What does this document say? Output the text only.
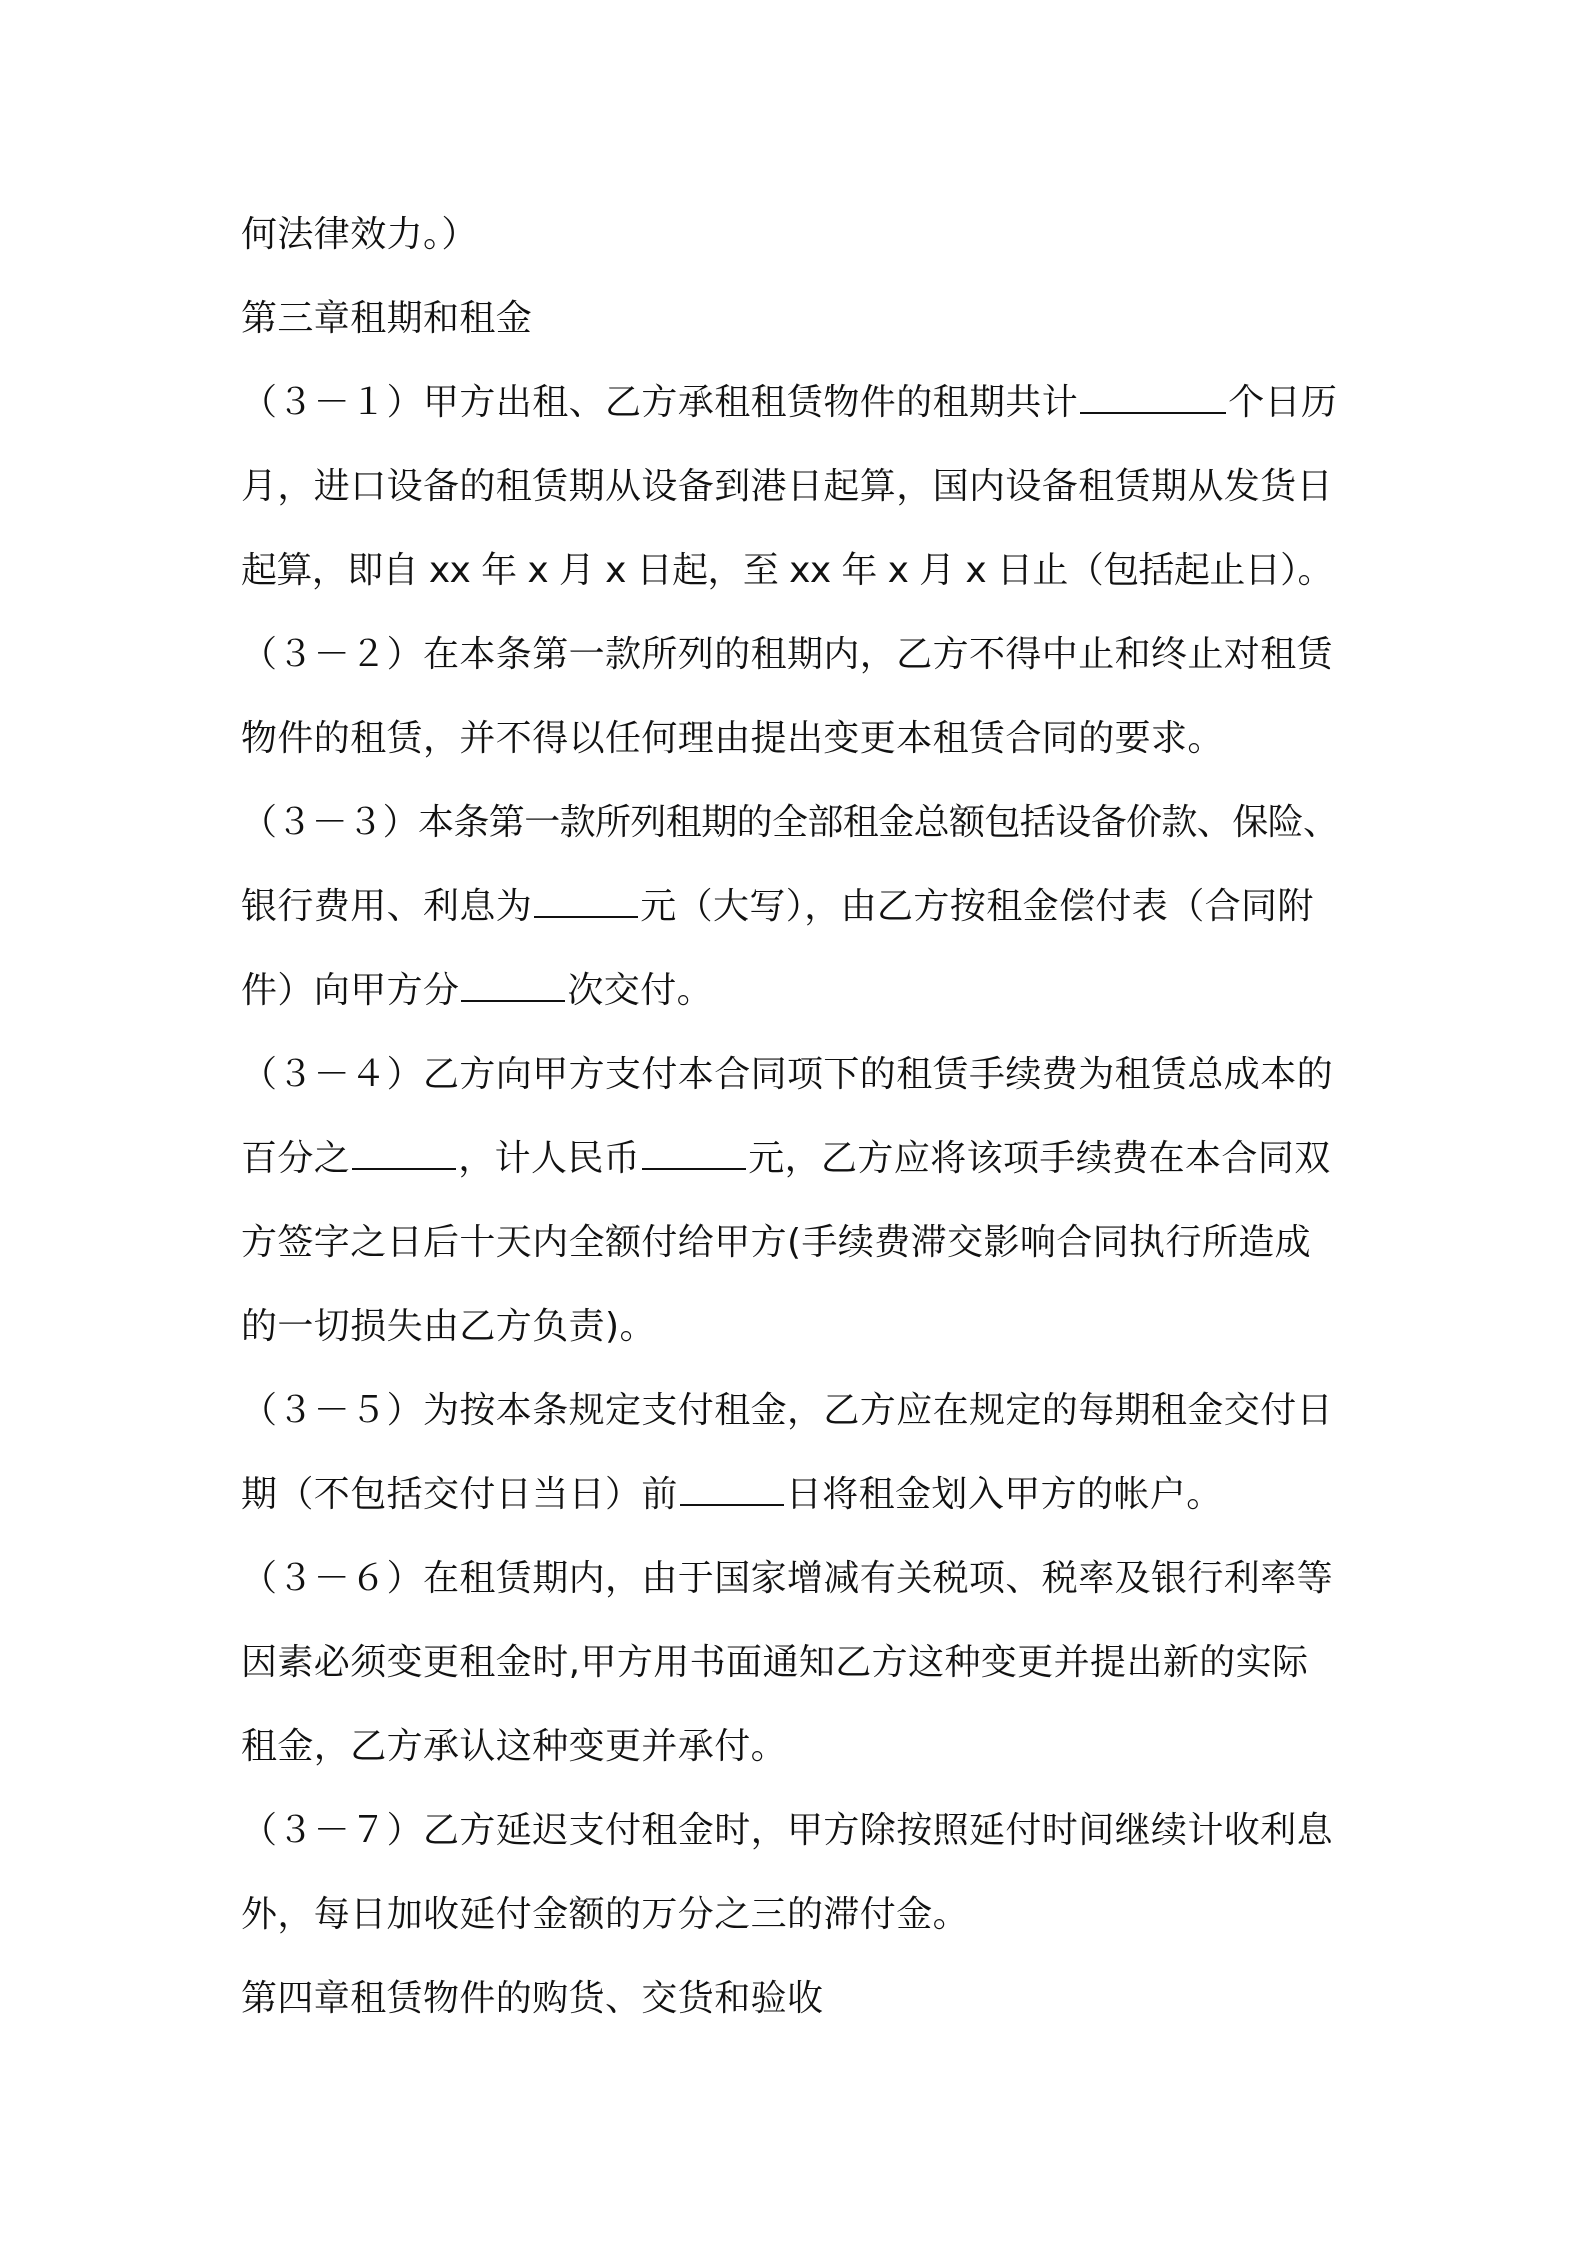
何法律效力。）
第三章租期和租金
（３－１）甲方出租、乙方承租租赁物件的租期共计	个日历
月，进口设备的租赁期从设备到港日起算，国内设备租赁期从发货日
起算，即自 xx 年 x 月 x 日起，至 xx 年 x 月 x 日止（包括起止日）。
（３－２）在本条第一款所列的租期内，乙方不得中止和终止对租赁
物件的租赁，并不得以任何理由提出变更本租赁合同的要求。
（３－３）本条第一款所列租期的全部租金总额包括设备价款、保险、
银行费用、利息为	元（大写），由乙方按租金偿付表（合同附
件）向甲方分	次交付。
（３－４）乙方向甲方支付本合同项下的租赁手续费为租赁总成本的
百分之	，计人民币	元，乙方应将该项手续费在本合同双
方签字之日后十天内全额付给甲方(手续费滞交影响合同执行所造成
的一切损失由乙方负责)。
（３－５）为按本条规定支付租金，乙方应在规定的每期租金交付日
期（不包括交付日当日）前	日将租金划入甲方的帐户。
（３－６）在租赁期内，由于国家增减有关税项、税率及银行利率等
因素必须变更租金时,甲方用书面通知乙方这种变更并提出新的实际
租金，乙方承认这种变更并承付。
（３－７）乙方延迟支付租金时，甲方除按照延付时间继续计收利息
外，每日加收延付金额的万分之三的滞付金。
第四章租赁物件的购货、交货和验收
